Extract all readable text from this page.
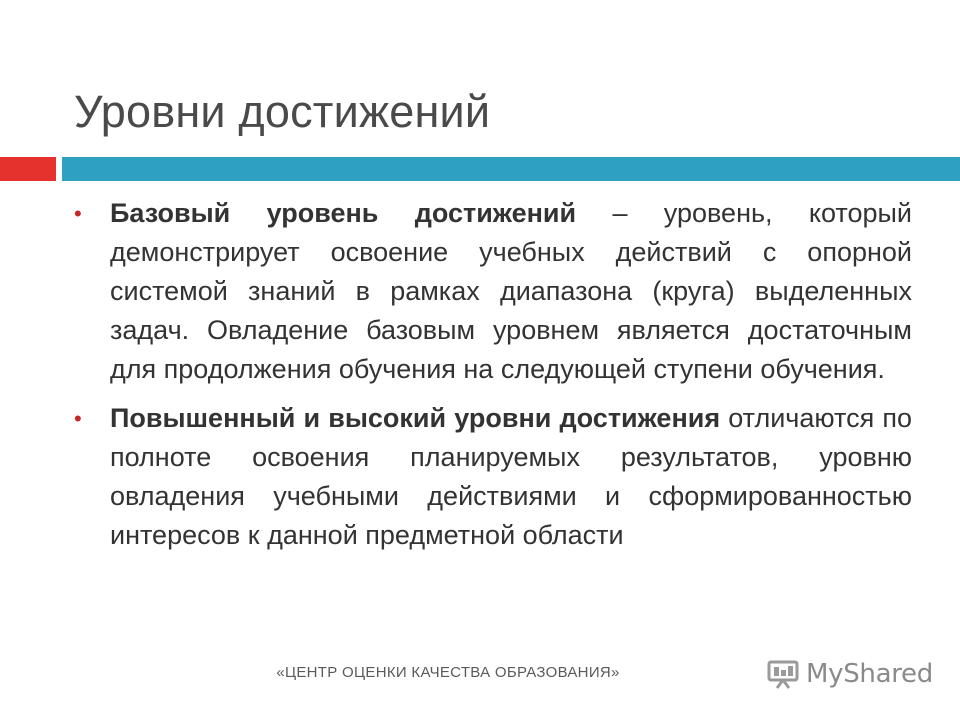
Уровни достижений

• Базовый уровень достижений – уровень, который демонстрирует освоение учебных действий с опорной системой знаний в рамках диапазона (круга) выделенных задач. Овладение базовым уровнем является достаточным для продолжения обучения на следующей ступени обучения.

• Повышенный и высокий уровни достижения отличаются по полноте освоения планируемых результатов, уровню овладения учебными действиями и сформированностью интересов к данной предметной области

«ЦЕНТР ОЦЕНКИ КАЧЕСТВА ОБРАЗОВАНИЯ»	MyShared
